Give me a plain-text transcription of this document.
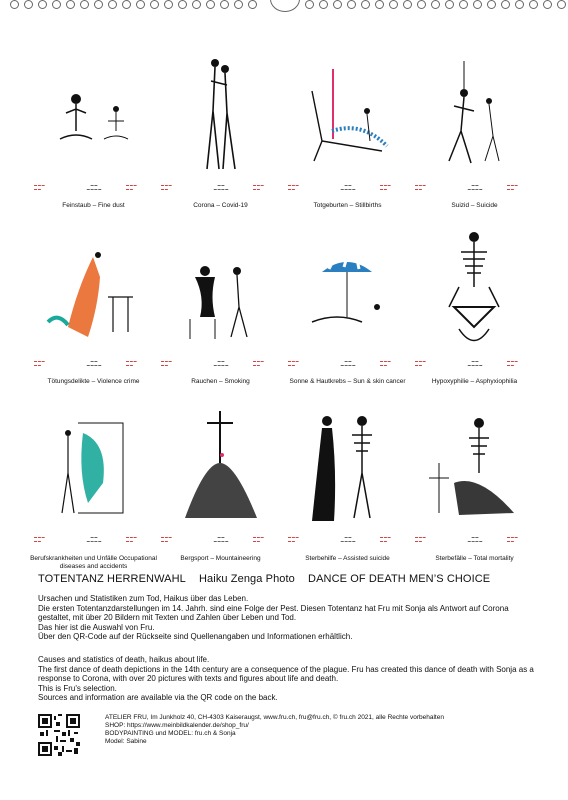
▬ ▬ ▬
▬ ▬
▬ ▬
▬ ▬ ▬ ▬
▬ ▬ ▬
▬ ▬
Feinstaub – Fine dust
▬ ▬ ▬
▬ ▬
▬ ▬
▬ ▬ ▬ ▬
▬ ▬ ▬
▬ ▬
Corona – Covid-19
▬ ▬ ▬
▬ ▬
▬ ▬
▬ ▬ ▬ ▬
▬ ▬ ▬
▬ ▬
Totgeburten – Stillbirths
▬ ▬ ▬
▬ ▬
▬ ▬
▬ ▬ ▬ ▬
▬ ▬ ▬
▬ ▬
Suizid – Suicide
▬ ▬ ▬
▬ ▬
▬ ▬
▬ ▬ ▬ ▬
▬ ▬ ▬
▬ ▬
Tötungsdelikte – Violence crime
▬ ▬ ▬
▬ ▬
▬ ▬
▬ ▬ ▬ ▬
▬ ▬ ▬
▬ ▬
Rauchen – Smoking
▬ ▬ ▬
▬ ▬
▬ ▬
▬ ▬ ▬ ▬
▬ ▬ ▬
▬ ▬
Sonne & Hautkrebs – Sun & skin cancer
▬ ▬ ▬
▬ ▬
▬ ▬
▬ ▬ ▬ ▬
▬ ▬ ▬
▬ ▬
Hypoxyphilie – Asphyxiophilia
▬ ▬ ▬
▬ ▬
▬ ▬
▬ ▬ ▬ ▬
▬ ▬ ▬
▬ ▬
Berufskrankheiten und Unfälle Occupational diseases and accidents
▬ ▬ ▬
▬ ▬
▬ ▬
▬ ▬ ▬ ▬
▬ ▬ ▬
▬ ▬
Bergsport – Mountaineering
▬ ▬ ▬
▬ ▬
▬ ▬
▬ ▬ ▬ ▬
▬ ▬ ▬
▬ ▬
Sterbehilfe – Assisted suicide
▬ ▬ ▬
▬ ▬
▬ ▬
▬ ▬ ▬ ▬
▬ ▬ ▬
▬ ▬
Sterbefälle – Total mortality
TOTENTANZ HERRENWAHL Haiku Zenga Photo DANCE OF DEATH MEN’S CHOICE

Ursachen und Statistiken zum Tod, Haikus über das Leben.

Die ersten Totentanzdarstellungen im 14. Jahrh. sind eine Folge der Pest. Diesen Totentanz hat Fru mit Sonja als Antwort auf Corona gestaltet, mit über 20 Bildern mit Texten und Zahlen über Leben und Tod.

Das hier ist die Auswahl von Fru.

Über den QR-Code auf der Rückseite sind Quellenangaben und Informationen erhältlich.

Causes and statistics of death, haikus about life.

The first dance of death depictions in the 14th century are a consequence of the plague. Fru has created this dance of death with Sonja as a response to Corona, with over 20 pictures with texts and figures about life and death.

This is Fru's selection.

Sources and information are available via the QR code on the back.

ATELIER FRU, Im Junkholz 40, CH-4303 Kaiseraugst, www.fru.ch, fru@fru.ch, © fru.ch 2021, alle Rechte vorbehalten

SHOP: https://www.meinbildkalender.de/shop_fru/

BODYPAINTING und MODEL: fru.ch & Sonja

Model: Sabine
